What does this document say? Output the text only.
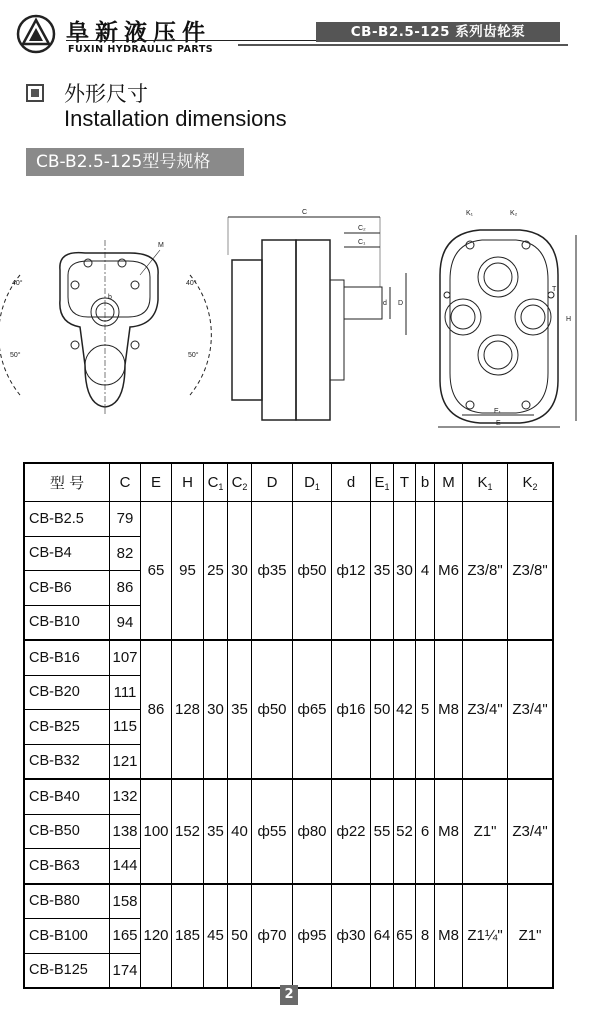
阜新液压件
FUXIN HYDRAULIC PARTS
CB-B2.5-125 系列齿轮泵
外形尺寸
Installation dimensions
CB-B2.5-125型号规格
M
40°	40°
50°	50°
b
C
C₂
C₁
d D
K₁	K₂
T
H
E₁
E
型 号	C	E	H	$C_1$	$C_2$	D	$D_1$	d	$E_1$	T	b	M	$K_1$	$K_2$
CB-B2.5	79	65	95	25	30	ф35	ф50	ф12	35	30	4	M6	Z3/8"	Z3/8"
CB-B4	82													
CB-B6	86													
CB-B10	94													
CB-B16	107	86	128	30	35	ф50	ф65	ф16	50	42	5	M8	Z3/4"	Z3/4"
CB-B20	111													
CB-B25	115													
CB-B32	121													
CB-B40	132	100	152	35	40	ф55	ф80	ф22	55	52	6	M8	Z1"	Z3/4"
CB-B50	138													
CB-B63	144													
CB-B80	158	120	185	45	50	ф70	ф95	ф30	64	65	8	M8	Z1¼"	Z1"
CB-B100	165													
CB-B125	174													
2
